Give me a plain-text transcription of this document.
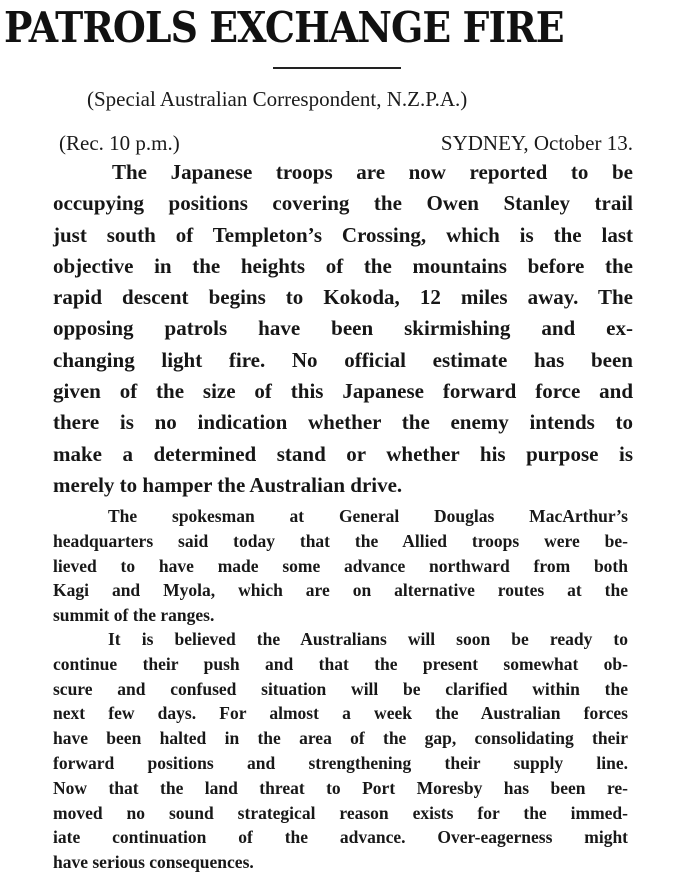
PATROLS EXCHANGE FIRE
(Special Australian Correspondent, N.Z.P.A.)
(Rec. 10 p.m.)	SYDNEY, October 13.
The Japanese troops are now reported to be
occupying positions covering the Owen Stanley trail
just south of Templeton’s Crossing, which is the last
objective in the heights of the mountains before the
rapid descent begins to Kokoda, 12 miles away. The
opposing patrols have been skirmishing and ex-
changing light fire. No official estimate has been
given of the size of this Japanese forward force and
there is no indication whether the enemy intends to
make a determined stand or whether his purpose is
merely to hamper the Australian drive.
The spokesman at General Douglas MacArthur’s
headquarters said today that the Allied troops were be-
lieved to have made some advance northward from both
Kagi and Myola, which are on alternative routes at the
summit of the ranges.
It is believed the Australians will soon be ready to
continue their push and that the present somewhat ob-
scure and confused situation will be clarified within the
next few days. For almost a week the Australian forces
have been halted in the area of the gap, consolidating their
forward positions and strengthening their supply line.
Now that the land threat to Port Moresby has been re-
moved no sound strategical reason exists for the immed-
iate continuation of the advance. Over-eagerness might
have serious consequences.
